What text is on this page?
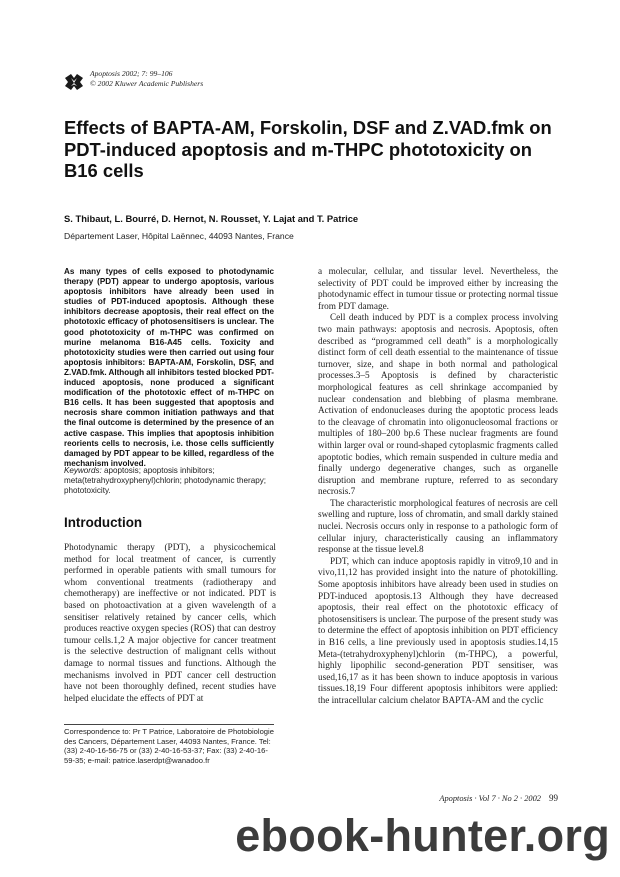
Apoptosis 2002; 7: 99–106
© 2002 Kluwer Academic Publishers
Effects of BAPTA-AM, Forskolin, DSF and Z.VAD.fmk on PDT-induced apoptosis and m-THPC phototoxicity on B16 cells
S. Thibaut, L. Bourré, D. Hernot, N. Rousset, Y. Lajat and T. Patrice
Département Laser, Hôpital Laënnec, 44093 Nantes, France
As many types of cells exposed to photodynamic therapy (PDT) appear to undergo apoptosis, various apoptosis inhibitors have already been used in studies of PDT-induced apoptosis. Although these inhibitors decrease apoptosis, their real effect on the phototoxic efficacy of photosensitisers is unclear. The good phototoxicity of m-THPC was confirmed on murine melanoma B16-A45 cells. Toxicity and phototoxicity studies were then carried out using four apoptosis inhibitors: BAPTA-AM, Forskolin, DSF, and Z.VAD.fmk. Although all inhibitors tested blocked PDT-induced apoptosis, none produced a significant modification of the phototoxic effect of m-THPC on B16 cells. It has been suggested that apoptosis and necrosis share common initiation pathways and that the final outcome is determined by the presence of an active caspase. This implies that apoptosis inhibition reorients cells to necrosis, i.e. those cells sufficiently damaged by PDT appear to be killed, regardless of the mechanism involved.
Keywords: apoptosis; apoptosis inhibitors; meta(tetrahydroxyphenyl)chlorin; photodynamic therapy; phototoxicity.
Introduction

Photodynamic therapy (PDT), a physicochemical method for local treatment of cancer, is currently performed in operable patients with small tumours for whom conventional treatments (radiotherapy and chemotherapy) are ineffective or not indicated. PDT is based on photoactivation at a given wavelength of a sensitiser relatively retained by cancer cells, which produces reactive oxygen species (ROS) that can destroy tumour cells.1,2 A major objective for cancer treatment is the selective destruction of malignant cells without damage to normal tissues and functions. Although the mechanisms involved in PDT cancer cell destruction have not been thoroughly defined, recent studies have helped elucidate the effects of PDT at

Correspondence to: Pr T Patrice, Laboratoire de Photobiologie des Cancers, Département Laser, 44093 Nantes, France. Tel: (33) 2-40-16-56-75 or (33) 2-40-16-53-37; Fax: (33) 2-40-16-59-35; e-mail: patrice.laserdpt@wanadoo.fr

a molecular, cellular, and tissular level. Nevertheless, the selectivity of PDT could be improved either by increasing the photodynamic effect in tumour tissue or protecting normal tissue from PDT damage.

Cell death induced by PDT is a complex process involving two main pathways: apoptosis and necrosis. Apoptosis, often described as “programmed cell death” is a morphologically distinct form of cell death essential to the maintenance of tissue turnover, size, and shape in both normal and pathological processes.3–5 Apoptosis is defined by characteristic morphological features as cell shrinkage accompanied by nuclear condensation and blebbing of plasma membrane. Activation of endonucleases during the apoptotic process leads to the cleavage of chromatin into oligonucleosomal fractions or multiples of 180–200 bp.6 These nuclear fragments are found within larger oval or round-shaped cytoplasmic fragments called apoptotic bodies, which remain suspended in culture media and finally undergo degenerative changes, such as organelle disruption and membrane rupture, referred to as secondary necrosis.7

The characteristic morphological features of necrosis are cell swelling and rupture, loss of chromatin, and small darkly stained nuclei. Necrosis occurs only in response to a pathologic form of cellular injury, characteristically causing an inflammatory response at the tissue level.8

PDT, which can induce apoptosis rapidly in vitro9,10 and in vivo,11,12 has provided insight into the nature of photokilling. Some apoptosis inhibitors have already been used in studies on PDT-induced apoptosis.13 Although they have decreased apoptosis, their real effect on the phototoxic efficacy of photosensitisers is unclear. The purpose of the present study was to determine the effect of apoptosis inhibition on PDT efficiency in B16 cells, a line previously used in apoptosis studies.14,15 Meta-(tetrahydroxyphenyl)chlorin (m-THPC), a powerful, highly lipophilic second-generation PDT sensitiser, was used,16,17 as it has been shown to induce apoptosis in various tissues.18,19 Four different apoptosis inhibitors were applied: the intracellular calcium chelator BAPTA-AM and the cyclic

Apoptosis · Vol 7 · No 2 · 2002 99
ebook-hunter.org
